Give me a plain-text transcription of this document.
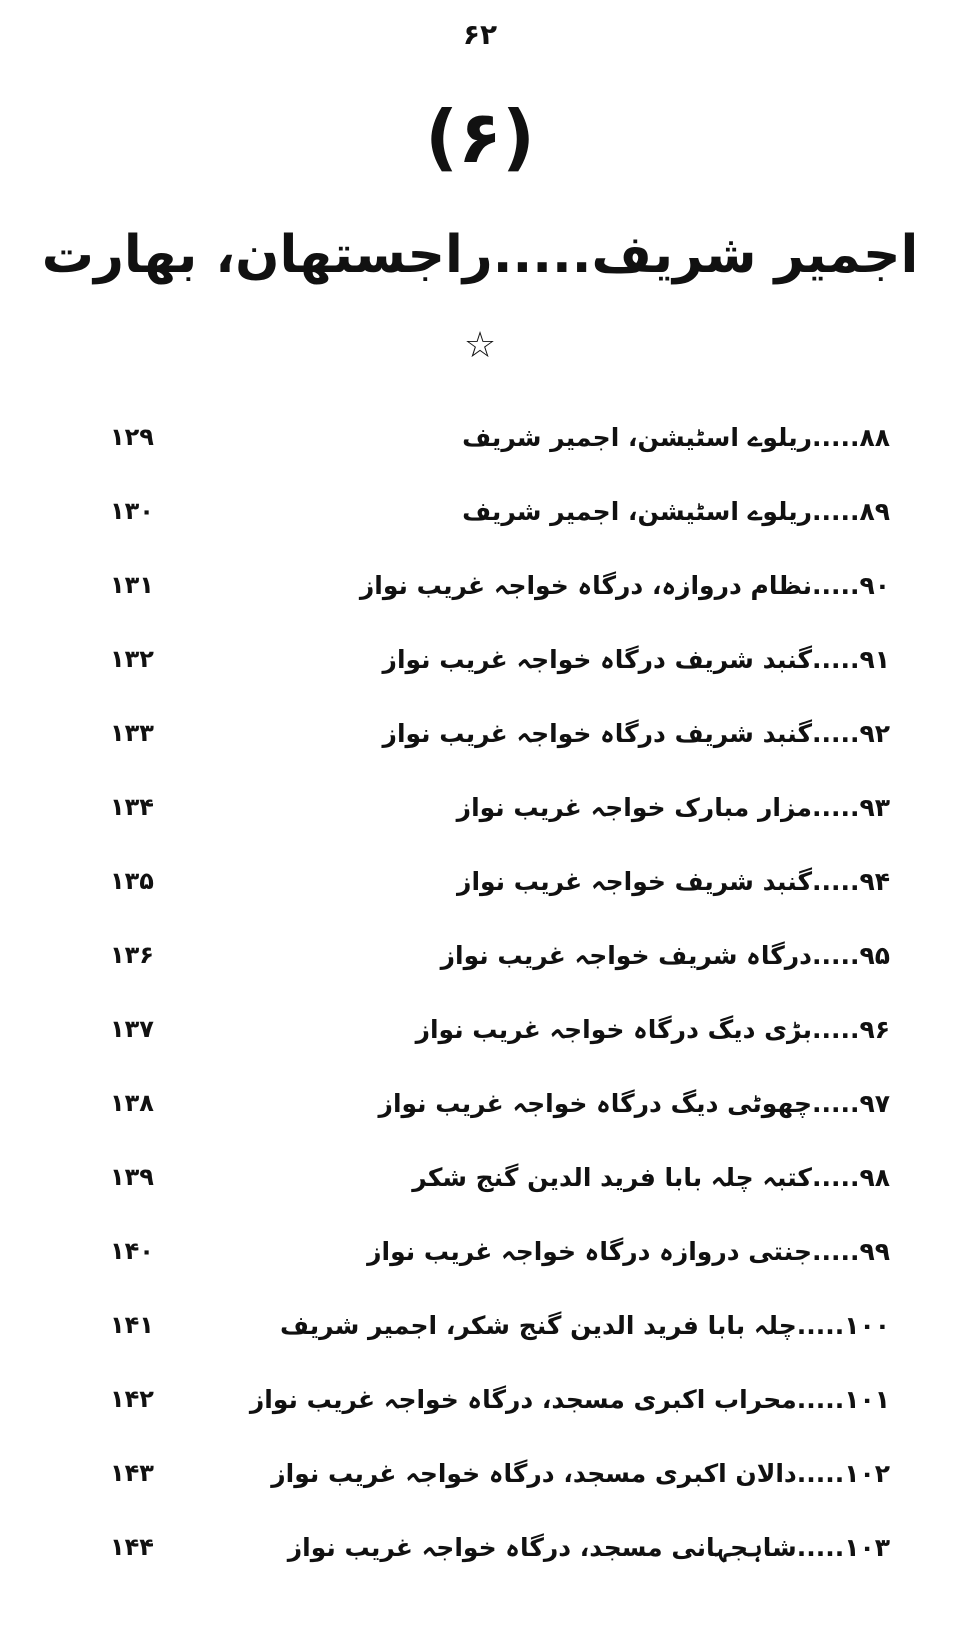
۶۲
(۶)
اجمیر شریف.....راجستھان، بھارت
☆
۱۲۹	۸۸.....ریلوے اسٹیشن، اجمیر شریف
۱۳۰	۸۹.....ریلوے اسٹیشن، اجمیر شریف
۱۳۱	۹۰.....نظام دروازہ، درگاہ خواجہ غریب نواز
۱۳۲	۹۱.....گنبد شریف درگاہ خواجہ غریب نواز
۱۳۳	۹۲.....گنبد شریف درگاہ خواجہ غریب نواز
۱۳۴	۹۳.....مزار مبارک خواجہ غریب نواز
۱۳۵	۹۴.....گنبد شریف خواجہ غریب نواز
۱۳۶	۹۵.....درگاہ شریف خواجہ غریب نواز
۱۳۷	۹۶.....بڑی دیگ درگاہ خواجہ غریب نواز
۱۳۸	۹۷.....چھوٹی دیگ درگاہ خواجہ غریب نواز
۱۳۹	۹۸.....کتبہ چلہ بابا فرید الدین گنج شکر
۱۴۰	۹۹.....جنتی دروازہ درگاہ خواجہ غریب نواز
۱۴۱	۱۰۰.....چلہ بابا فرید الدین گنج شکر، اجمیر شریف
۱۴۲	۱۰۱.....محراب اکبری مسجد، درگاہ خواجہ غریب نواز
۱۴۳	۱۰۲.....دالان اکبری مسجد، درگاہ خواجہ غریب نواز
۱۴۴	۱۰۳.....شاہجہانی مسجد، درگاہ خواجہ غریب نواز
